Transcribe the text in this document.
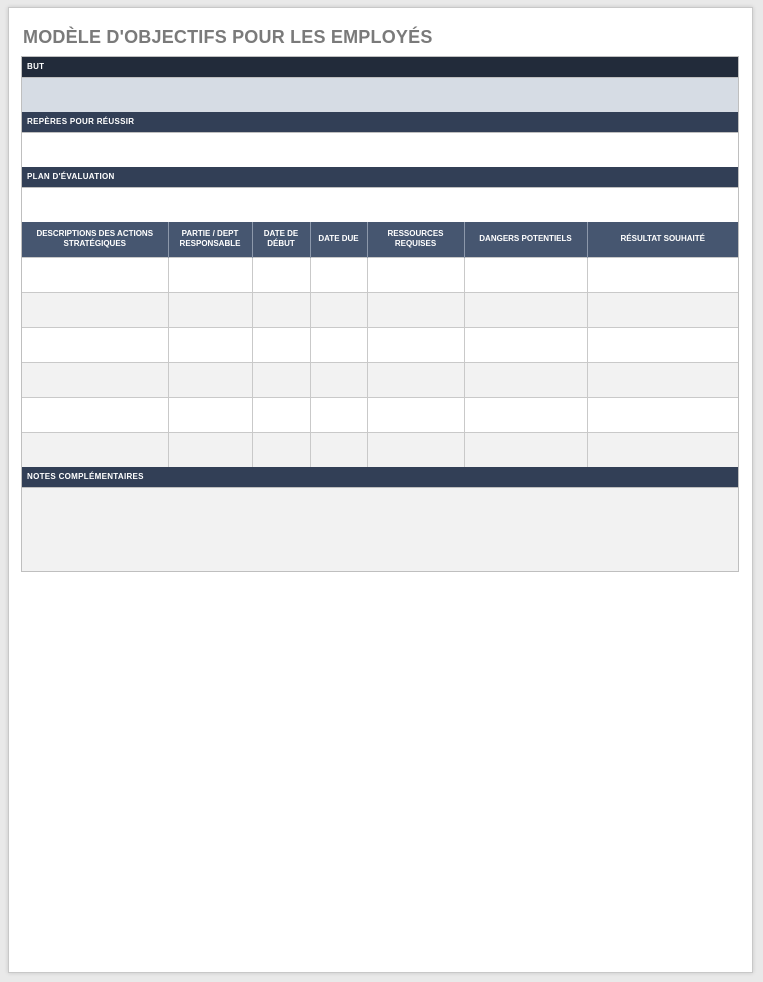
MODÈLE D'OBJECTIFS POUR LES EMPLOYÉS
BUT
REPÈRES POUR RÉUSSIR
PLAN D'ÉVALUATION
DESCRIPTIONS DES ACTIONS STRATÉGIQUES	PARTIE / DEPT RESPONSABLE	DATE DE DÉBUT	DATE DUE	RESSOURCES REQUISES	DANGERS POTENTIELS	RÉSULTAT SOUHAITÉ

NOTES COMPLÉMENTAIRES
